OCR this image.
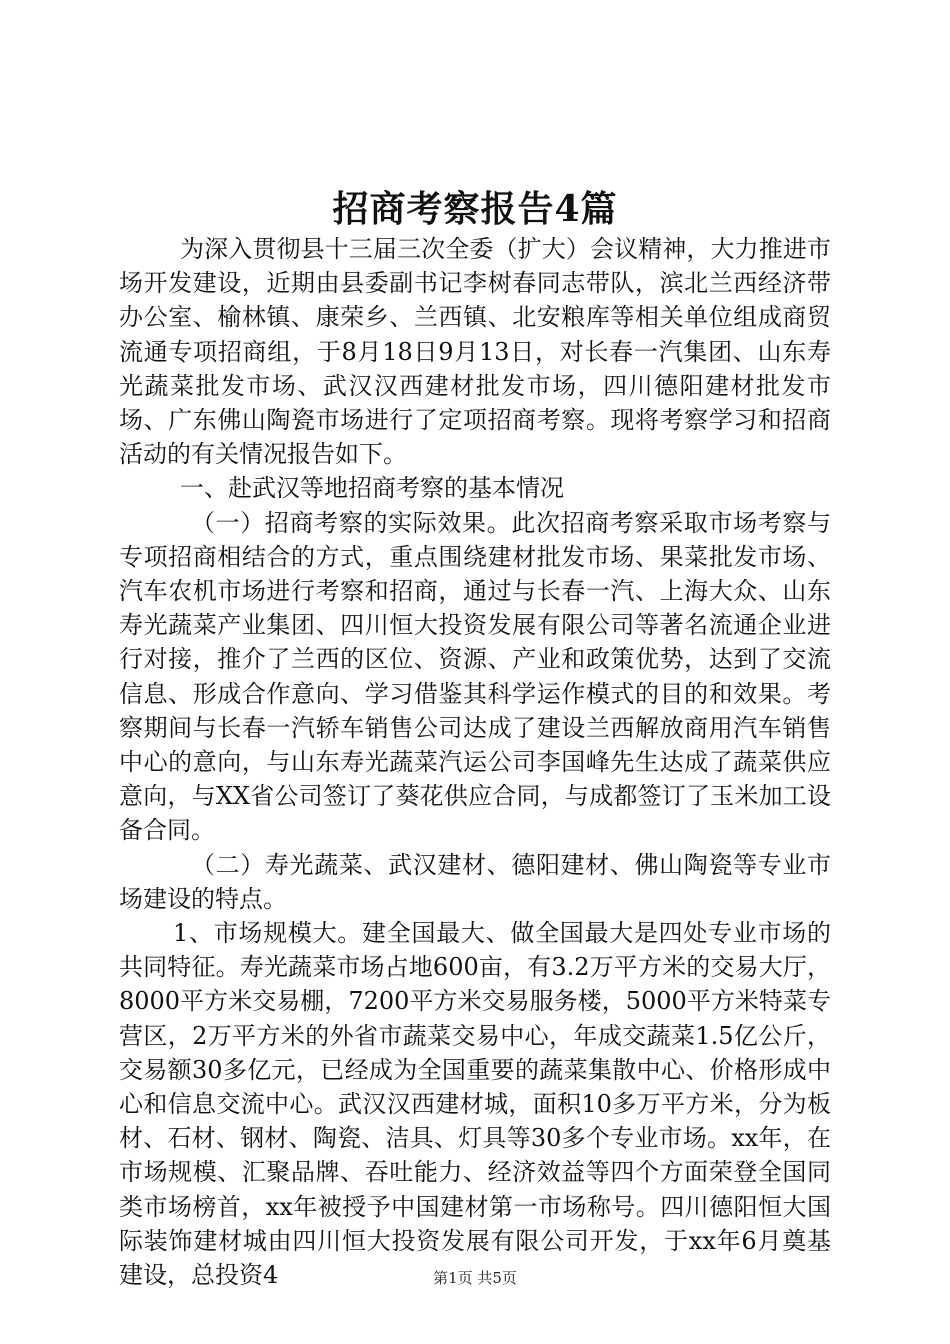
招商考察报告4篇

为深入贯彻县十三届三次全委（扩大）会议精神，大力推进市场开发建设，近期由县委副书记李树春同志带队，滨北兰西经济带办公室、榆林镇、康荣乡、兰西镇、北安粮库等相关单位组成商贸流通专项招商组，于8月18日9月13日，对长春一汽集团、山东寿光蔬菜批发市场、武汉汉西建材批发市场，四川德阳建材批发市场、广东佛山陶瓷市场进行了定项招商考察。现将考察学习和招商活动的有关情况报告如下。

一、赴武汉等地招商考察的基本情况

（一）招商考察的实际效果。此次招商考察采取市场考察与专项招商相结合的方式，重点围绕建材批发市场、果菜批发市场、汽车农机市场进行考察和招商，通过与长春一汽、上海大众、山东寿光蔬菜产业集团、四川恒大投资发展有限公司等著名流通企业进行对接，推介了兰西的区位、资源、产业和政策优势，达到了交流信息、形成合作意向、学习借鉴其科学运作模式的目的和效果。考察期间与长春一汽轿车销售公司达成了建设兰西解放商用汽车销售中心的意向，与山东寿光蔬菜汽运公司李国峰先生达成了蔬菜供应意向，与XX省公司签订了葵花供应合同，与成都签订了玉米加工设备合同。

（二）寿光蔬菜、武汉建材、德阳建材、佛山陶瓷等专业市场建设的特点。

1、市场规模大。建全国最大、做全国最大是四处专业市场的共同特征。寿光蔬菜市场占地600亩，有3.2万平方米的交易大厅，8000平方米交易棚，7200平方米交易服务楼，5000平方米特菜专营区，2万平方米的外省市蔬菜交易中心，年成交蔬菜1.5亿公斤，交易额30多亿元，已经成为全国重要的蔬菜集散中心、价格形成中心和信息交流中心。武汉汉西建材城，面积10多万平方米，分为板材、石材、钢材、陶瓷、洁具、灯具等30多个专业市场。xx年，在市场规模、汇聚品牌、吞吐能力、经济效益等四个方面荣登全国同类市场榜首，xx年被授予中国建材第一市场称号。四川德阳恒大国际装饰建材城由四川恒大投资发展有限公司开发，于xx年6月奠基建设，总投资4	第1页 共5页
